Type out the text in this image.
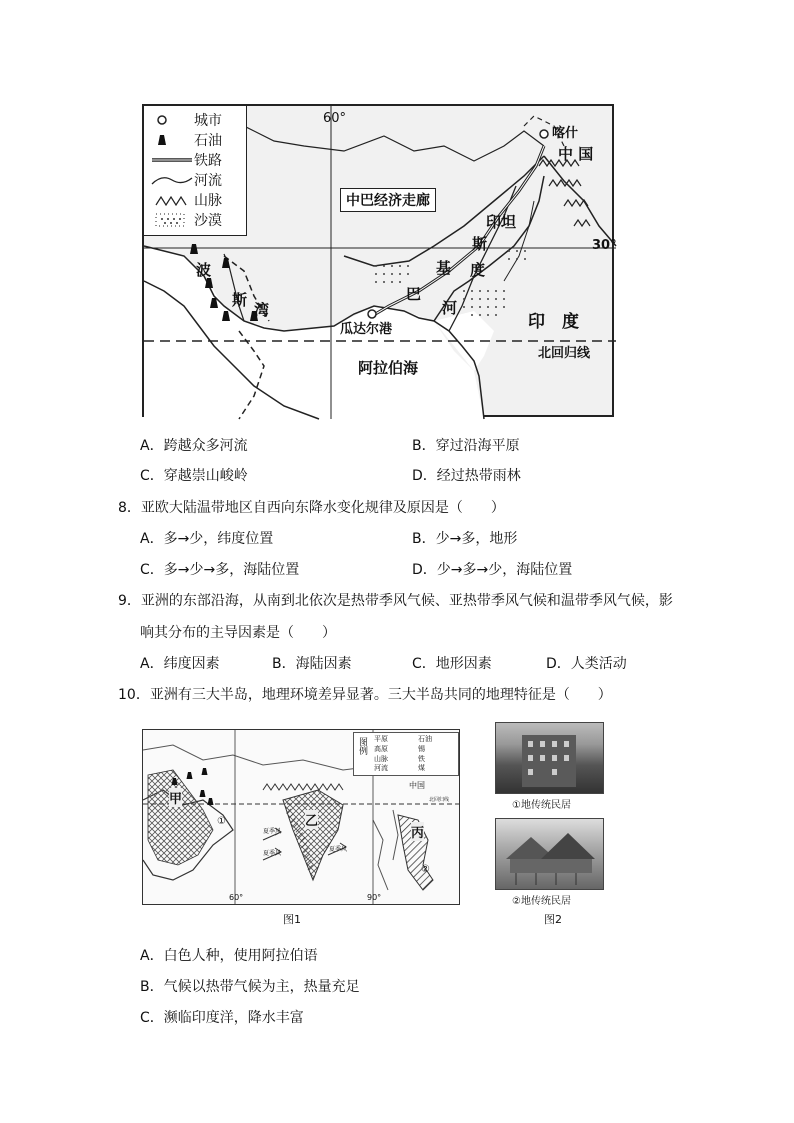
城市
石油
铁路
河流
山脉
沙漠
60°
30°
喀什
中 国
中巴经济走廊
波
斯
湾
印坦
斯
基 度
巴
河
印　度
瓜达尔港
北回归线
阿拉伯海
A．跨越众多河流	B．穿过沿海平原
C．穿越崇山峻岭	D．经过热带雨林
8．亚欧大陆温带地区自西向东降水变化规律及原因是（　　）
A．多→少，纬度位置	B．少→多，地形
C．多→少→多，海陆位置	D．少→多→少，海陆位置
9．亚洲的东部沿海，从南到北依次是热带季风气候、亚热带季风气候和温带季风气候，影
响其分布的主导因素是（　　）
A．纬度因素	B．海陆因素	C．地形因素	D．人类活动
10．亚洲有三大半岛，地理环境差异显著。三大半岛共同的地理特征是（　　）
图例 平原
高原
山脉
河流
石油
锡
铁
煤
甲
乙
丙
中国
北回归线
①
②
夏季风
夏季风
夏季风
60°	90°
图1
①地传统民居
②地传统民居
图2
A．白色人种，使用阿拉伯语
B．气候以热带气候为主，热量充足
C．濒临印度洋，降水丰富
